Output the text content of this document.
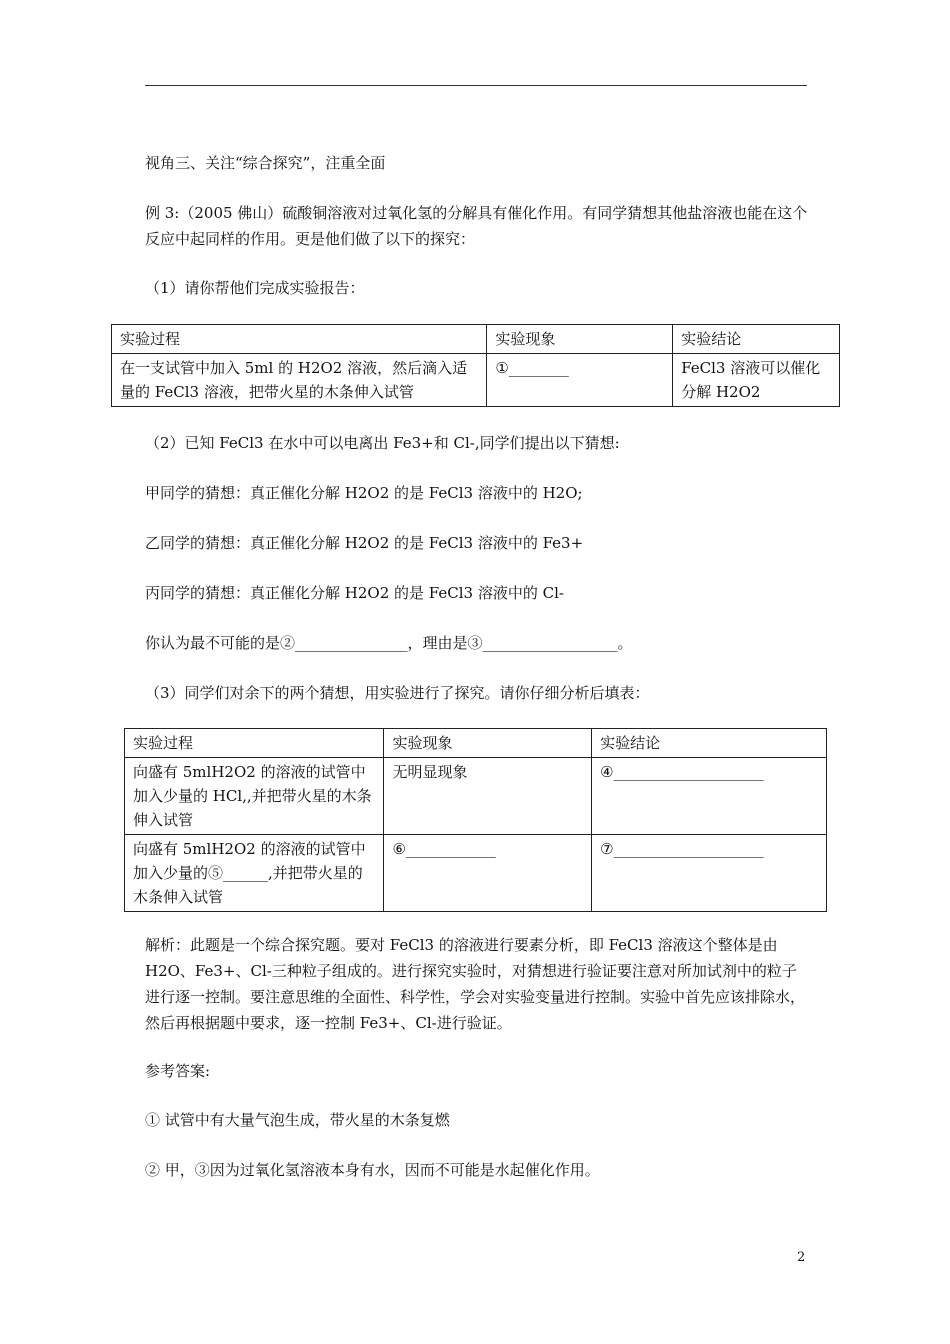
视角三、关注“综合探究”，注重全面
例 3:（2005 佛山）硫酸铜溶液对过氧化氢的分解具有催化作用。有同学猜想其他盐溶液也能在这个反应中起同样的作用。更是他们做了以下的探究：
（1）请你帮他们完成实验报告：
实验过程	实验现象	实验结论
在一支试管中加入 5ml 的 H2O2 溶液，然后滴入适量的 FeCl3 溶液，把带火星的木条伸入试管	①________	FeCl3 溶液可以催化分解 H2O2
（2）已知 FeCl3 在水中可以电离出 Fe3+和 Cl-,同学们提出以下猜想:
甲同学的猜想：真正催化分解 H2O2 的是 FeCl3 溶液中的 H2O;
乙同学的猜想：真正催化分解 H2O2 的是 FeCl3 溶液中的 Fe3+
丙同学的猜想：真正催化分解 H2O2 的是 FeCl3 溶液中的 Cl-
你认为最不可能的是②_______________，理由是③__________________。
（3）同学们对余下的两个猜想，用实验进行了探究。请你仔细分析后填表：
实验过程	实验现象	实验结论
向盛有 5mlH2O2 的溶液的试管中加入少量的 HCl,,并把带火星的木条伸入试管	无明显现象	④____________________
向盛有 5mlH2O2 的溶液的试管中加入少量的⑤______,并把带火星的木条伸入试管	⑥____________	⑦____________________
解析：此题是一个综合探究题。要对 FeCl3 的溶液进行要素分析，即 FeCl3 溶液这个整体是由 H2O、Fe3+、Cl-三种粒子组成的。进行探究实验时，对猜想进行验证要注意对所加试剂中的粒子进行逐一控制。要注意思维的全面性、科学性，学会对实验变量进行控制。实验中首先应该排除水，然后再根据题中要求，逐一控制 Fe3+、Cl-进行验证。
参考答案:
① 试管中有大量气泡生成，带火星的木条复燃
② 甲，③因为过氧化氢溶液本身有水，因而不可能是水起催化作用。
2
